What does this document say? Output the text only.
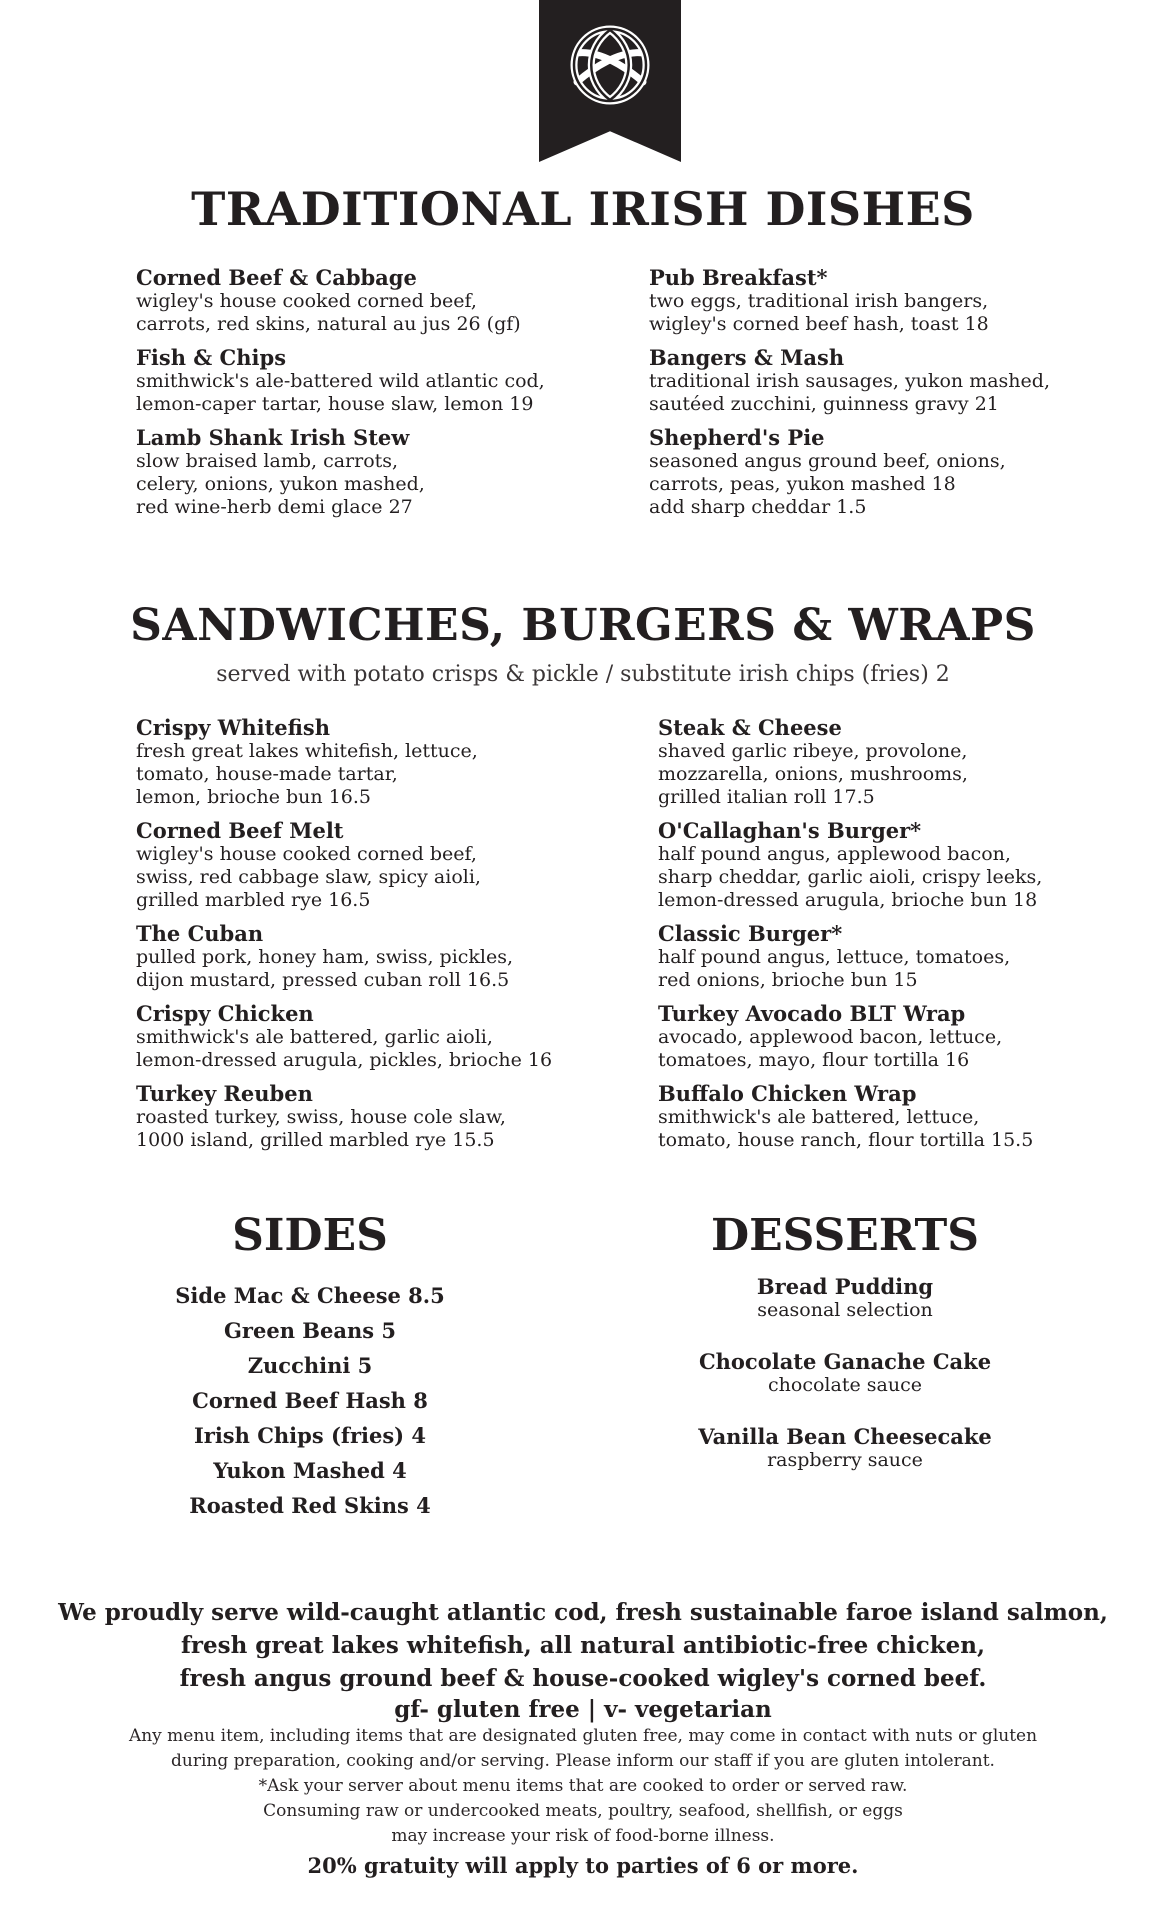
TRADITIONAL IRISH DISHES
Corned Beef & Cabbage
wigley's house cooked corned beef,
carrots, red skins, natural au jus 26 (gf)
Fish & Chips
smithwick's ale-battered wild atlantic cod,
lemon-caper tartar, house slaw, lemon 19
Lamb Shank Irish Stew
slow braised lamb, carrots,
celery, onions, yukon mashed,
red wine-herb demi glace 27
Pub Breakfast*
two eggs, traditional irish bangers,
wigley's corned beef hash, toast 18
Bangers & Mash
traditional irish sausages, yukon mashed,
sautéed zucchini, guinness gravy 21
Shepherd's Pie
seasoned angus ground beef, onions,
carrots, peas, yukon mashed 18
add sharp cheddar 1.5
SANDWICHES, BURGERS & WRAPS
served with potato crisps & pickle / substitute irish chips (fries) 2
Crispy Whitefish
fresh great lakes whitefish, lettuce,
tomato, house-made tartar,
lemon, brioche bun 16.5
Corned Beef Melt
wigley's house cooked corned beef,
swiss, red cabbage slaw, spicy aioli,
grilled marbled rye 16.5
The Cuban
pulled pork, honey ham, swiss, pickles,
dijon mustard, pressed cuban roll 16.5
Crispy Chicken
smithwick's ale battered, garlic aioli,
lemon-dressed arugula, pickles, brioche 16
Turkey Reuben
roasted turkey, swiss, house cole slaw,
1000 island, grilled marbled rye 15.5
Steak & Cheese
shaved garlic ribeye, provolone,
mozzarella, onions, mushrooms,
grilled italian roll 17.5
O'Callaghan's Burger*
half pound angus, applewood bacon,
sharp cheddar, garlic aioli, crispy leeks,
lemon-dressed arugula, brioche bun 18
Classic Burger*
half pound angus, lettuce, tomatoes,
red onions, brioche bun 15
Turkey Avocado BLT Wrap
avocado, applewood bacon, lettuce,
tomatoes, mayo, flour tortilla 16
Buffalo Chicken Wrap
smithwick's ale battered, lettuce,
tomato, house ranch, flour tortilla 15.5
SIDES
Side Mac & Cheese 8.5
Green Beans 5
Zucchini 5
Corned Beef Hash 8
Irish Chips (fries) 4
Yukon Mashed 4
Roasted Red Skins 4
DESSERTS
Bread Pudding
seasonal selection
Chocolate Ganache Cake
chocolate sauce
Vanilla Bean Cheesecake
raspberry sauce
We proudly serve wild-caught atlantic cod, fresh sustainable faroe island salmon,
fresh great lakes whitefish, all natural antibiotic-free chicken,
fresh angus ground beef & house-cooked wigley's corned beef.
gf- gluten free | v- vegetarian
Any menu item, including items that are designated gluten free, may come in contact with nuts or gluten
during preparation, cooking and/or serving. Please inform our staff if you are gluten intolerant.
*Ask your server about menu items that are cooked to order or served raw.
Consuming raw or undercooked meats, poultry, seafood, shellfish, or eggs
may increase your risk of food-borne illness.
20% gratuity will apply to parties of 6 or more.
